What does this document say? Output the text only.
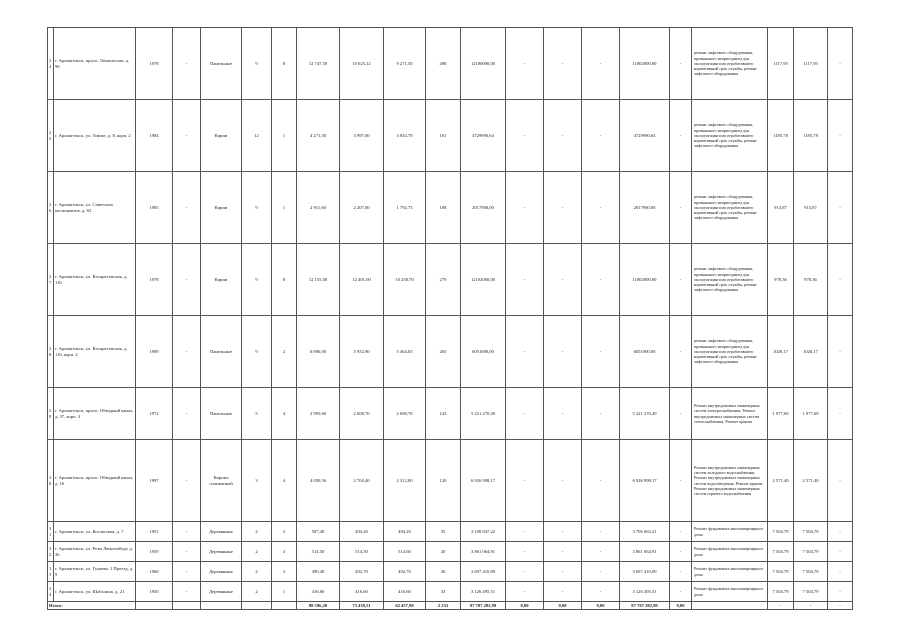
24	г. Архангельск, просп. Ломоносова, д. 96	1978	-	Панельные	9	8	12 747,50	10 625,12	9 271,50	498	12180000,00	-	-	-	11802000,00	-	ремонт лифтового оборудования, признанного непригодным для эксплуатации или отработавшего нормативный срок службы, ремонт лифтового оборудования	1117,95	1117,95	-
25	г. Архангельск, ул. Тимме, д. 8, корп. 2	1984	-	Кирпи	12	1	4 271,50	3 997,00	3 843,70	161	4729990,64	-	-	-	4729990,64	-	ремонт лифтового оборудования, признанного непригодным для эксплуатации или отработавшего нормативный срок службы, ремонт лифтового оборудования	1185,78	1185,78	-
26	г. Архангельск, ул. Советских космонавтов, д. 82	1985	-	Кирпи	9	1	2 911,60	2 207,00	1 792,73	108	2017900,00	-	-	-	2017900,00	-	ремонт лифтового оборудования, признанного непригодным для эксплуатации или отработавшего нормативный срок службы, ремонт лифтового оборудования	913,87	913,87	-
27	г. Архангельск, ул. Воскресенская, д. 116	1978	-	Кирпи	9	8	12 155,00	12 401,00	10 258,70	279	12102000,00	-	-	-	11802000,00	-	ремонт лифтового оборудования, признанного непригодным для эксплуатации или отработавшего нормативный срок службы, ремонт лифтового оборудования	978,36	978,36	-
28	г. Архангельск, ул. Воскресенская, д. 116, корп. 2	1989	-	Панельные	9	2	6 896,00	5 952,90	5 464,03	265	6051000,00	-	-	-	6051000,00	-	ремонт лифтового оборудования, признанного непригодным для эксплуатации или отработавшего нормативный срок службы, ремонт лифтового оборудования	1020,17	1020,17	-
29	г. Архангельск, просп. Обводный канал, д. 37, корп. 3	1972	-	Панельные	5	4	2 995,60	2 608,70	2 698,70	143	5 221 270,49	-	-	-	5 221 270,49	-	Ремонт внутридомовых инженерных систем электроснабжения. Ремонт внутридомовых инженерных систем теплоснабжения. Ремонт крыши	1 977,69	1 977,69	-
30	г. Архангельск, просп. Обводный канал, д. 16	1997	-	Кирпич силикатный	3	4	4 050,56	2 704,40	2 312,00	120	6 926 998,17	-	-	-	6 926 998,17	-	Ремонт внутридомовых инженерных систем холодного водоснабжения. Ремонт внутридомовых инженерных систем водоотведения. Ремонт крыши. Ремонт внутридомовых инженерных систем горячего водоснабжения	2 571,40	2 571,40	-
31	г. Архангельск, ул. Котласская, д. 7	1951	-	Деревянные	2	2	587,40	494,20	494,20	35	3 108 847,22	-	-	-	3 706 063,21	-	Ремонт фундамента многоквартирного дома	7 504,79	7 504,79	-
32	г. Архангельск, ул. Розы Люксембург, д. 36	1959	-	Деревянные	2	3	514,50	514,50	514,60	20	3 861 064,91	-	-	-	3 861 064,91	-	Ремонт фундамента многоквартирного дома	7 504,79	7 504,79	-
33	г. Архангельск, ул. Гуляева, 1 Проезд, д. 9	1960	-	Деревянные	2	3	490,40	492,70	492,70	26	3 697 410,09	-	-	-	3 697 410,09	-	Ремонт фундамента многоквартирного дома	7 504,79	7 504,79	-
34	г. Архангельск, ул. Шабалина, д. 21	1950	-	Деревянные	2	1	416,60	416,60	416,60	33	3 126 495,51	-	-	-	3 126 495,51	-	Ремонт фундамента многоквартирного дома	7 504,79	7 504,79	-
Итого:							88 596,20	73 439,51	62 457,99	2 253	97 707 282,99	0,00	0,00	0,00	97 707 282,99	0,00		-	-	-
